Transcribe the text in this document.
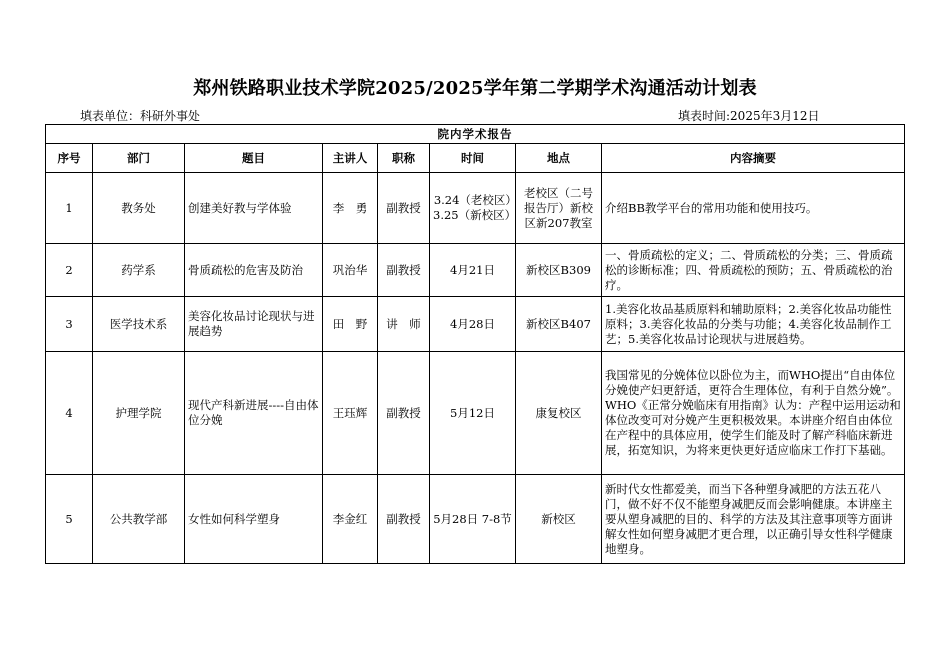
郑州铁路职业技术学院2025/2025学年第二学期学术沟通活动计划表
填表单位：科研外事处	填表时间:2025年3月12日
院内学术报告							
序号	部门	题目	主讲人	职称	时间	地点	内容摘要
1	教务处	创建美好教与学体验	李　勇	副教授	3.24（老校区）3.25（新校区）	老校区（二号报告厅）新校区新207教室	介绍BB教学平台的常用功能和使用技巧。
2	药学系	骨质疏松的危害及防治	巩治华	副教授	4月21日	新校区B309	一、骨质疏松的定义；二、骨质疏松的分类；三、骨质疏松的诊断标准；四、骨质疏松的预防；五、骨质疏松的治疗。
3	医学技术系	美容化妆品讨论现状与进展趋势	田　野	讲　师	4月28日	新校区B407	1.美容化妆品基质原料和辅助原料；2.美容化妆品功能性原料；3.美容化妆品的分类与功能；4.美容化妆品制作工艺；5.美容化妆品讨论现状与进展趋势。
4	护理学院	现代产科新进展----自由体位分娩	王珏辉	副教授	5月12日	康复校区	我国常见的分娩体位以卧位为主，而WHO提出“自由体位分娩使产妇更舒适，更符合生理体位，有利于自然分娩”。 WHO《正常分娩临床有用指南》认为：产程中运用运动和体位改变可对分娩产生更积极效果。本讲座介绍自由体位在产程中的具体应用，使学生们能及时了解产科临床新进展，拓宽知识，为将来更快更好适应临床工作打下基础。
5	公共教学部	女性如何科学塑身	李金红	副教授	5月28日 7-8节	新校区	新时代女性都爱美，而当下各种塑身减肥的方法五花八门，做不好不仅不能塑身减肥反而会影响健康。本讲座主要从塑身减肥的目的、科学的方法及其注意事项等方面讲解女性如何塑身减肥才更合理，以正确引导女性科学健康地塑身。
